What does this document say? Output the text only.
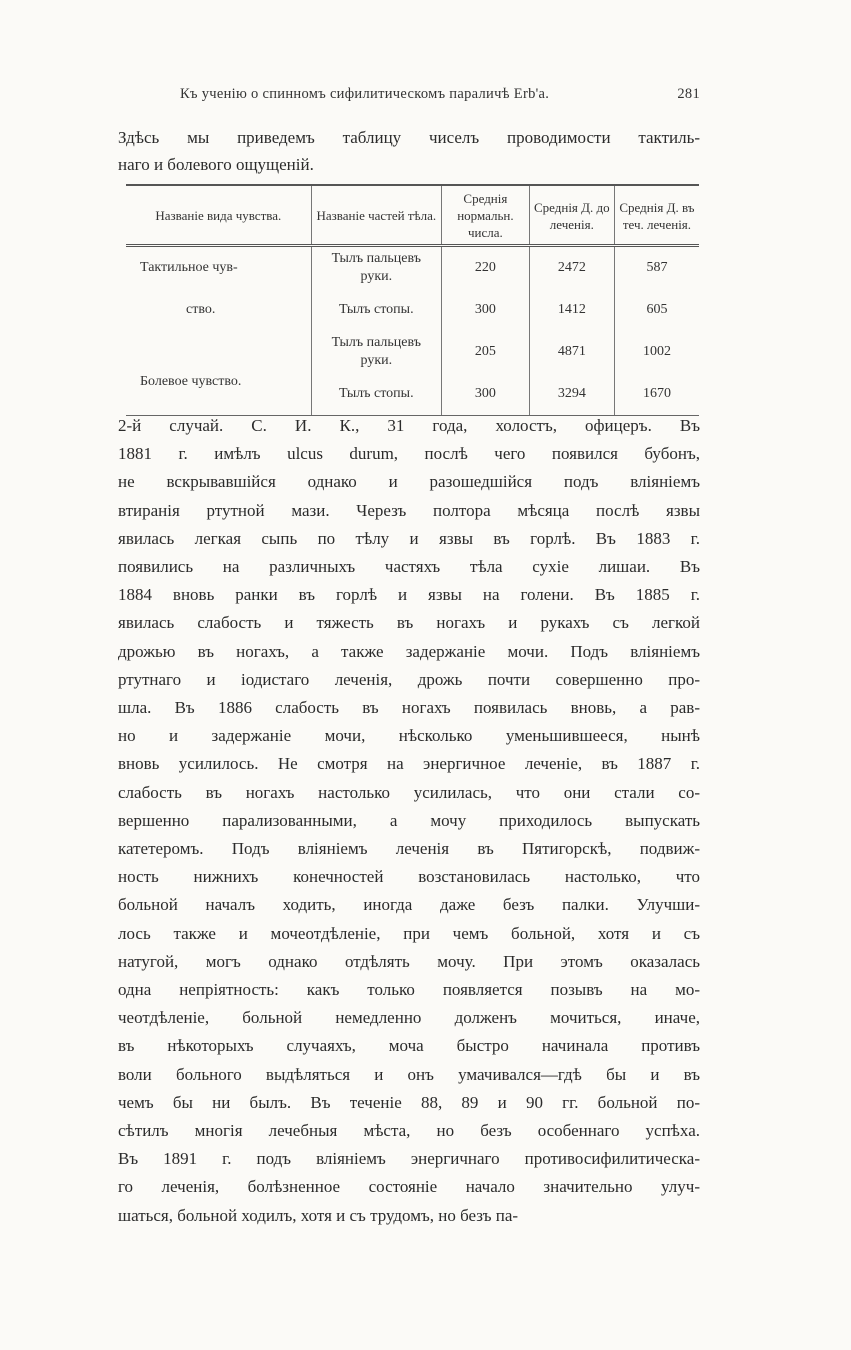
Къ ученію о спинномъ сифилитическомъ параличѣ Erb'a.	281
Здѣсь мы приведемъ таблицу чиселъ проводимости тактиль-
наго и болевого ощущеній.
Названіе вида чувства.	Названіе частей тѣла.	Среднія нормальн. числа.	Среднія Д. до леченія.	Среднія Д. въ теч. леченія.
Тактильное чув-	Тылъ пальцевъ руки.	220	2472	587
ство.	Тылъ стопы.	300	1412	605
	Тылъ пальцевъ руки.	205	4871	1002
Болевое чувство.	Тылъ стопы.	300	3294	1670
2-й случай. С. И. К., 31 года, холостъ, офицеръ. Въ
1881 г. имѣлъ ulcus durum, послѣ чего появился бубонъ,
не вскрывавшійся однако и разошедшійся подъ вліяніемъ
втиранія ртутной мази. Черезъ полтора мѣсяца послѣ язвы
явилась легкая сыпь по тѣлу и язвы въ горлѣ. Въ 1883 г.
появились на различныхъ частяхъ тѣла сухіе лишаи. Въ
1884 вновь ранки въ горлѣ и язвы на голени. Въ 1885 г.
явилась слабость и тяжесть въ ногахъ и рукахъ съ легкой
дрожью въ ногахъ, а также задержаніе мочи. Подъ вліяніемъ
ртутнаго и іодистаго леченія, дрожь почти совершенно про-
шла. Въ 1886 слабость въ ногахъ появилась вновь, а рав-
но и задержаніе мочи, нѣсколько уменьшившееся, нынѣ
вновь усилилось. Не смотря на энергичное леченіе, въ 1887 г.
слабость въ ногахъ настолько усилилась, что они стали со-
вершенно парализованными, а мочу приходилось выпускать
катетеромъ. Подъ вліяніемъ леченія въ Пятигорскѣ, подвиж-
ность нижнихъ конечностей возстановилась настолько, что
больной началъ ходить, иногда даже безъ палки. Улучши-
лось также и мочеотдѣленіе, при чемъ больной, хотя и съ
натугой, могъ однако отдѣлять мочу. При этомъ оказалась
одна непріятность: какъ только появляется позывъ на мо-
чеотдѣленіе, больной немедленно долженъ мочиться, иначе,
въ нѣкоторыхъ случаяхъ, моча быстро начинала противъ
воли больного выдѣляться и онъ умачивался—гдѣ бы и въ
чемъ бы ни былъ. Въ теченіе 88, 89 и 90 гг. больной по-
сѣтилъ многія лечебныя мѣста, но безъ особеннаго успѣха.
Въ 1891 г. подъ вліяніемъ энергичнаго противосифилитическа-
го леченія, болѣзненное состояніе начало значительно улуч-
шаться, больной ходилъ, хотя и съ трудомъ, но безъ па-
